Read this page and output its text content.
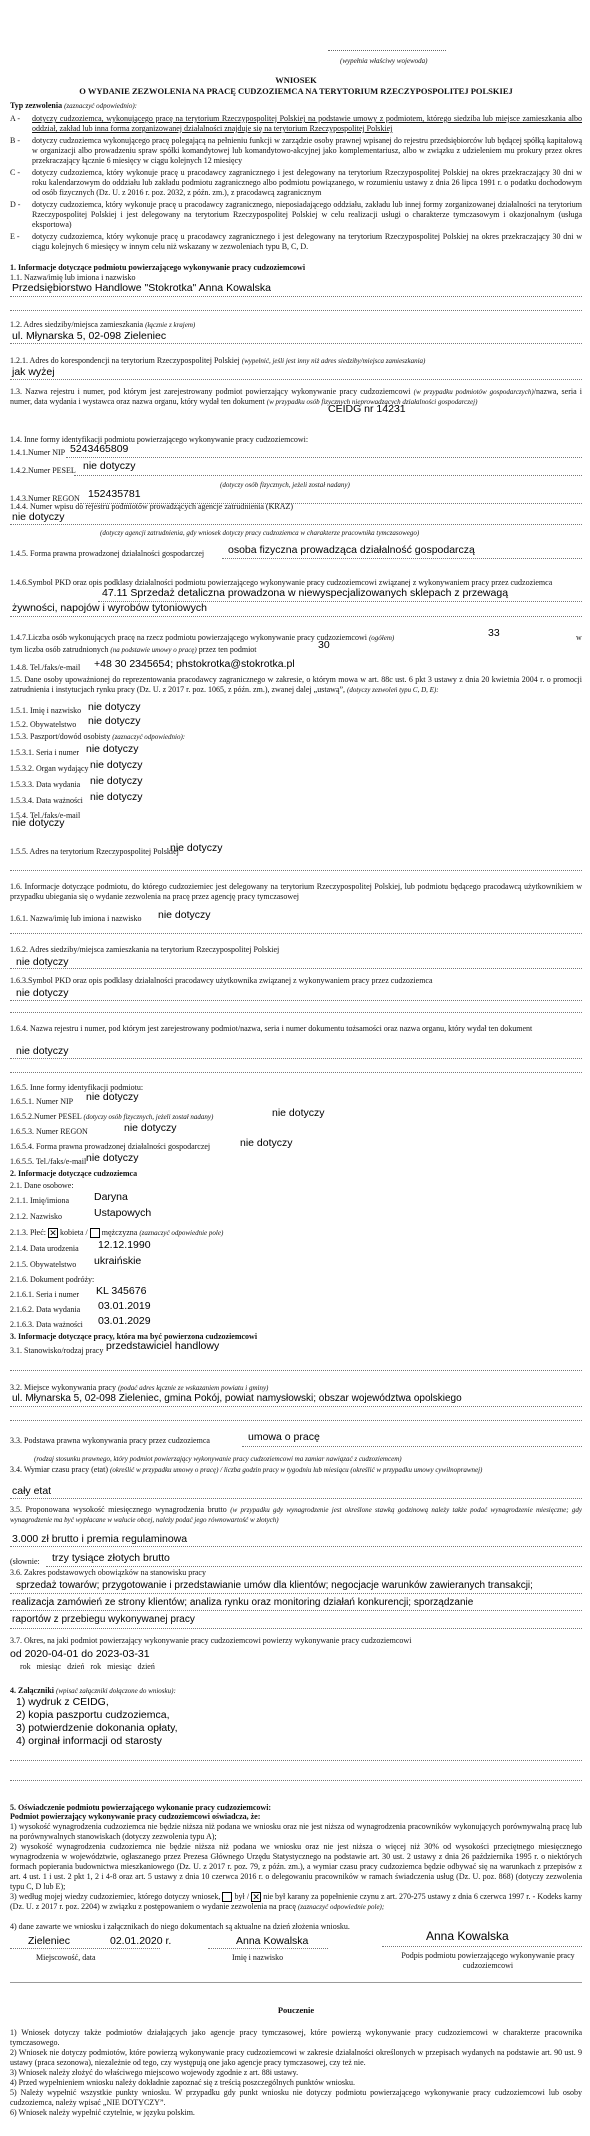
(wypełnia właściwy wojewoda)
WNIOSEK
O WYDANIE ZEZWOLENIA NA PRACĘ CUDZOZIEMCA NA TERYTORIUM RZECZYPOSPOLITEJ POLSKIEJ
Typ zezwolenia (zaznaczyć odpowiednio):
A -	dotyczy cudzoziemca, wykonującego pracę na terytorium Rzeczypospolitej Polskiej na podstawie umowy z podmiotem, którego siedziba lub miejsce zamieszkania albo oddział, zakład lub inna forma zorganizowanej działalności znajduje się na terytorium Rzeczypospolitej Polskiej
B -	dotyczy cudzoziemca wykonującego pracę polegającą na pełnieniu funkcji w zarządzie osoby prawnej wpisanej do rejestru przedsiębiorców lub będącej spółką kapitałową w organizacji albo prowadzeniu spraw spółki komandytowej lub komandytowo-akcyjnej jako komplementariusz, albo w związku z udzieleniem mu prokury przez okres przekraczający łącznie 6 miesięcy w ciągu kolejnych 12 miesięcy
C -	dotyczy cudzoziemca, który wykonuje pracę u pracodawcy zagranicznego i jest delegowany na terytorium Rzeczypospolitej Polskiej na okres przekraczający 30 dni w roku kalendarzowym do oddziału lub zakładu podmiotu zagranicznego albo podmiotu powiązanego, w rozumieniu ustawy z dnia 26 lipca 1991 r. o podatku dochodowym od osób fizycznych (Dz. U. z 2016 r. poz. 2032, z późn. zm.), z pracodawcą zagranicznym
D -	dotyczy cudzoziemca, który wykonuje pracę u pracodawcy zagranicznego, nieposiadającego oddziału, zakładu lub innej formy zorganizowanej działalności na terytorium Rzeczypospolitej Polskiej i jest delegowany na terytorium Rzeczypospolitej Polskiej w celu realizacji usługi o charakterze tymczasowym i okazjonalnym (usługa eksportowa)
E -	dotyczy cudzoziemca, który wykonuje pracę u pracodawcy zagranicznego i jest delegowany na terytorium Rzeczypospolitej Polskiej na okres przekraczający 30 dni w ciągu kolejnych 6 miesięcy w innym celu niż wskazany w zezwoleniach typu B, C, D.
1. Informacje dotyczące podmiotu powierzającego wykonywanie pracy cudzoziemcowi
1.1. Nazwa/imię lub imiona i nazwisko
Przedsiębiorstwo Handlowe "Stokrotka" Anna Kowalska
1.2. Adres siedziby/miejsca zamieszkania (łącznie z krajem)
ul. Młynarska 5, 02-098 Zieleniec
1.2.1. Adres do korespondencji na terytorium Rzeczypospolitej Polskiej (wypełnić, jeśli jest inny niż adres siedziby/miejsca zamieszkania)
jak wyżej
1.3. Nazwa rejestru i numer, pod którym jest zarejestrowany podmiot powierzający wykonywanie pracy cudzoziemcowi (w przypadku podmiotów gospodarczych)/nazwa, seria i numer, data wydania i wystawca oraz nazwa organu, który wydał ten dokument (w przypadku osób fizycznych nieprowadzących działalności gospodarczej)
CEIDG nr 14231
1.4. Inne formy identyfikacji podmiotu powierzającego wykonywanie pracy cudzoziemcowi:
1.4.1.Numer NIP 5243465809
1.4.2.Numer PESEL nie dotyczy
(dotyczy osób fizycznych, jeżeli został nadany)
1.4.3.Numer REGON 152435781
1.4.4. Numer wpisu do rejestru podmiotów prowadzących agencje zatrudnienia (KRAZ)
nie dotyczy
(dotyczy agencji zatrudnienia, gdy wniosek dotyczy pracy cudzoziemca w charakterze pracownika tymczasowego)
1.4.5. Forma prawna prowadzonej działalności gospodarczej osoba fizyczna prowadząca działalność gospodarczą
1.4.6.Symbol PKD oraz opis podklasy działalności podmiotu powierzającego wykonywanie pracy cudzoziemcowi związanej z wykonywaniem pracy przez cudzoziemca
47.11 Sprzedaż detaliczna prowadzona w niewyspecjalizowanych sklepach z przewagą
żywności, napojów i wyrobów tytoniowych
1.4.7.Liczba osób wykonujących pracę na rzecz podmiotu powierzającego wykonywanie pracy cudzoziemcowi (ogółem)	33	w
tym liczba osób zatrudnionych (na podstawie umowy o pracę) przez ten podmiot	30
1.4.8. Tel./faks/e-mail +48 30 2345654; phstokrotka@stokrotka.pl
1.5. Dane osoby upoważnionej do reprezentowania pracodawcy zagranicznego w zakresie, o którym mowa w art. 88c ust. 6 pkt 3 ustawy z dnia 20 kwietnia 2004 r. o promocji zatrudnienia i instytucjach rynku pracy (Dz. U. z 2017 r. poz. 1065, z późn. zm.), zwanej dalej „ustawą”, (dotyczy zezwoleń typu C, D, E):
1.5.1. Imię i nazwisko nie dotyczy
1.5.2. Obywatelstwo nie dotyczy
1.5.3. Paszport/dowód osobisty (zaznaczyć odpowiednio):
1.5.3.1. Seria i numer nie dotyczy
1.5.3.2. Organ wydający nie dotyczy
1.5.3.3. Data wydania nie dotyczy
1.5.3.4. Data ważności nie dotyczy
1.5.4. Tel./faks/e-mail
nie dotyczy
1.5.5. Adres na terytorium Rzeczypospolitej Polskiej
nie dotyczy
1.6. Informacje dotyczące podmiotu, do którego cudzoziemiec jest delegowany na terytorium Rzeczypospolitej Polskiej, lub podmiotu będącego pracodawcą użytkownikiem w przypadku ubiegania się o wydanie zezwolenia na pracę przez agencję pracy tymczasowej
1.6.1. Nazwa/imię lub imiona i nazwisko nie dotyczy
1.6.2. Adres siedziby/miejsca zamieszkania na terytorium Rzeczypospolitej Polskiej
nie dotyczy
1.6.3.Symbol PKD oraz opis podklasy działalności pracodawcy użytkownika związanej z wykonywaniem pracy przez cudzoziemca
nie dotyczy
1.6.4. Nazwa rejestru i numer, pod którym jest zarejestrowany podmiot/nazwa, seria i numer dokumentu tożsamości oraz nazwa organu, który wydał ten dokument
nie dotyczy
1.6.5. Inne formy identyfikacji podmiotu:
1.6.5.1. Numer NIP nie dotyczy
1.6.5.2.Numer PESEL (dotyczy osób fizycznych, jeżeli został nadany)	nie dotyczy
1.6.5.3. Numer REGON	nie dotyczy
1.6.5.4. Forma prawna prowadzonej działalności gospodarczej	nie dotyczy
1.6.5.5. Tel./faks/e-mail nie dotyczy
2. Informacje dotyczące cudzoziemca
2.1. Dane osobowe:
2.1.1. Imię/imiona Daryna
2.1.2. Nazwisko	Ustapowych
2.1.3. Płeć: ✕ kobieta / mężczyzna (zaznaczyć odpowiednie pole)
2.1.4. Data urodzenia 12.12.1990
2.1.5. Obywatelstwo ukraińskie
2.1.6. Dokument podróży:
2.1.6.1. Seria i numer KL 345676
2.1.6.2. Data wydania 03.01.2019
2.1.6.3. Data ważności 03.01.2029
3. Informacje dotyczące pracy, która ma być powierzona cudzoziemcowi
3.1. Stanowisko/rodzaj pracy przedstawiciel handlowy
3.2. Miejsce wykonywania pracy (podać adres łącznie ze wskazaniem powiatu i gminy)
ul. Młynarska 5, 02-098 Zieleniec, gmina Pokój, powiat namysłowski; obszar województwa opolskiego
3.3. Podstawa prawna wykonywania pracy przez cudzoziemca	umowa o pracę
(rodzaj stosunku prawnego, który podmiot powierzający wykonywanie pracy cudzoziemcowi ma zamiar nawiązać z cudzoziemcem)
3.4. Wymiar czasu pracy (etat) (określić w przypadku umowy o pracę) / liczba godzin pracy w tygodniu lub miesiącu (określić w przypadku umowy cywilnoprawnej)
cały etat
3.5. Proponowana wysokość miesięcznego wynagrodzenia brutto (w przypadku gdy wynagrodzenie jest określone stawką godzinową należy także podać wynagrodzenie miesięczne; gdy wynagrodzenie ma być wypłacane w walucie obcej, należy podać jego równowartość w złotych)
3.000 zł brutto i premia regulaminowa
(słownie: trzy tysiące złotych brutto
3.6. Zakres podstawowych obowiązków na stanowisku pracy
sprzedaż towarów; przygotowanie i przedstawianie umów dla klientów; negocjacje warunków zawieranych transakcji;
realizacja zamówień ze strony klientów; analiza rynku oraz monitoring działań konkurencji; sporządzanie
raportów z przebiegu wykonywanej pracy
3.7. Okres, na jaki podmiot powierzający wykonywanie pracy cudzoziemcowi powierzy wykonywanie pracy cudzoziemcowi
od 2020-04-01 do 2023-03-31
rok miesiąc dzień rok miesiąc dzień
4. Załączniki (wpisać załączniki dołączone do wniosku):
1) wydruk z CEIDG,
2) kopia paszportu cudzoziemca,
3) potwierdzenie dokonania opłaty,
4) orginał informacji od starosty
5. Oświadczenie podmiotu powierzającego wykonanie pracy cudzoziemcowi:
Podmiot powierzający wykonywanie pracy cudzoziemcowi oświadcza, że:
1) wysokość wynagrodzenia cudzoziemca nie będzie niższa niż podana we wniosku oraz nie jest niższa od wynagrodzenia pracowników wykonujących porównywalną pracę lub na porównywalnych stanowiskach (dotyczy zezwolenia typu A);
2) wysokość wynagrodzenia cudzoziemca nie będzie niższa niż podana we wniosku oraz nie jest niższa o więcej niż 30% od wysokości przeciętnego miesięcznego wynagrodzenia w województwie, ogłaszanego przez Prezesa Głównego Urzędu Statystycznego na podstawie art. 30 ust. 2 ustawy z dnia 26 października 1995 r. o niektórych formach popierania budownictwa mieszkaniowego (Dz. U. z 2017 r. poz. 79, z późn. zm.), a wymiar czasu pracy cudzoziemca będzie odbywać się na warunkach z przepisów z art. 4 ust. 1 i ust. 2 pkt 1, 2 i 4-8 oraz art. 5 ustawy z dnia 10 czerwca 2016 r. o delegowaniu pracowników w ramach świadczenia usług (Dz. U. poz. 868) (dotyczy zezwolenia typu C, D lub E);
3) według mojej wiedzy cudzoziemiec, którego dotyczy wniosek, był / ✕ nie był karany za popełnienie czynu z art. 270-275 ustawy z dnia 6 czerwca 1997 r. - Kodeks karny (Dz. U. z 2017 r. poz. 2204) w związku z postępowaniem o wydanie zezwolenia na pracę (zaznaczyć odpowiednie pole);
4) dane zawarte we wniosku i załącznikach do niego dokumentach są aktualne na dzień złożenia wniosku.
Zieleniec	02.01.2020 r.	Anna Kowalska	Anna Kowalska
Miejscowość, data	Imię i nazwisko	Podpis podmiotu powierzającego wykonywanie pracy cudzoziemcowi
Pouczenie
1) Wniosek dotyczy także podmiotów działających jako agencje pracy tymczasowej, które powierzą wykonywanie pracy cudzoziemcowi w charakterze pracownika tymczasowego.
2) Wniosek nie dotyczy podmiotów, które powierzą wykonywanie pracy cudzoziemcowi w zakresie działalności określonych w przepisach wydanych na podstawie art. 90 ust. 9 ustawy (praca sezonowa), niezależnie od tego, czy występują one jako agencje pracy tymczasowej, czy też nie.
3) Wniosek należy złożyć do właściwego miejscowo wojewody zgodnie z art. 88i ustawy.
4) Przed wypełnieniem wniosku należy dokładnie zapoznać się z treścią poszczególnych punktów wniosku.
5) Należy wypełnić wszystkie punkty wniosku. W przypadku gdy punkt wniosku nie dotyczy podmiotu powierzającego wykonywanie pracy cudzoziemcowi lub osoby cudzoziemca, należy wpisać „NIE DOTYCZY”.
6) Wniosek należy wypełnić czytelnie, w języku polskim.
